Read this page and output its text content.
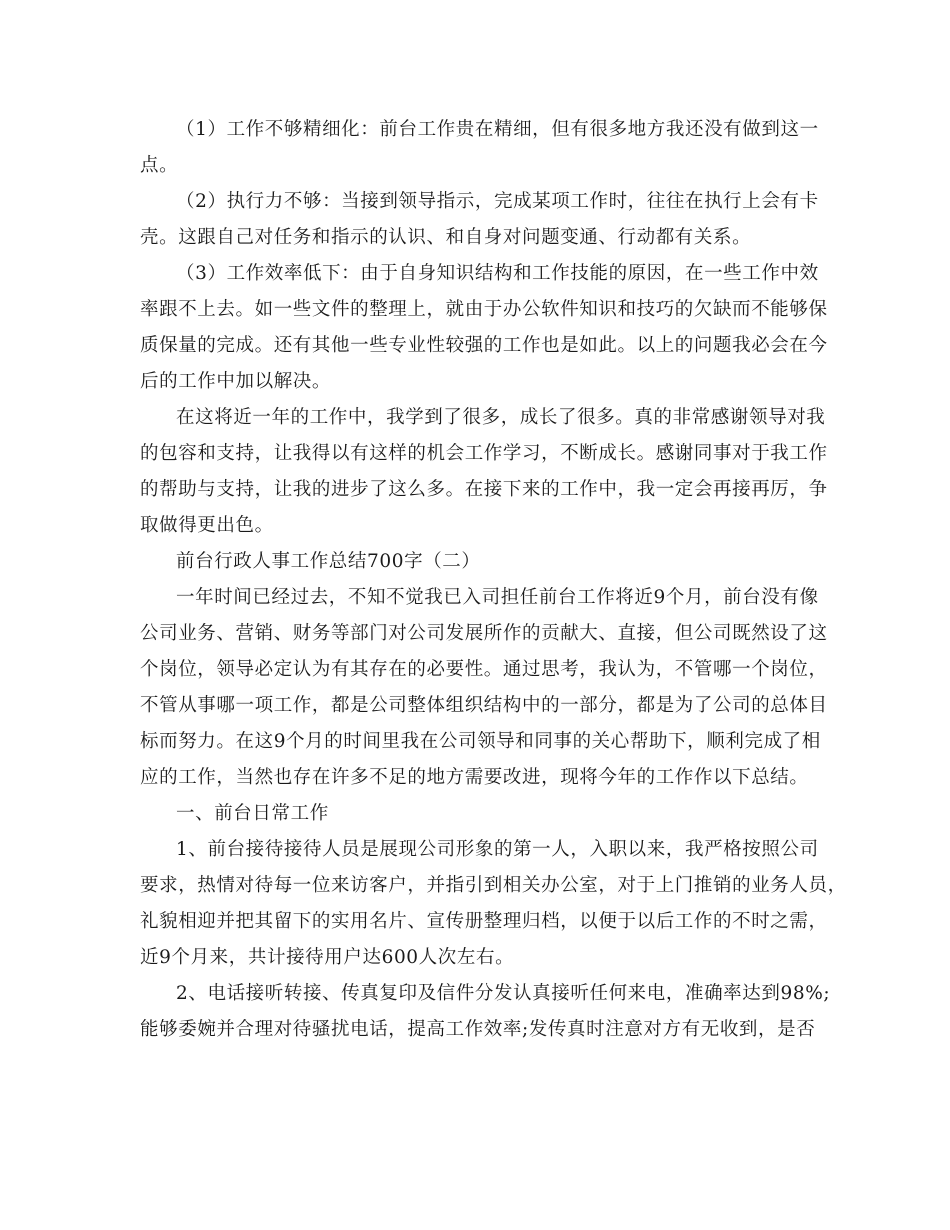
（1）工作不够精细化：前台工作贵在精细，但有很多地方我还没有做到这一
点。
（2）执行力不够：当接到领导指示，完成某项工作时，往往在执行上会有卡
壳。这跟自己对任务和指示的认识、和自身对问题变通、行动都有关系。
（3）工作效率低下：由于自身知识结构和工作技能的原因，在一些工作中效
率跟不上去。如一些文件的整理上，就由于办公软件知识和技巧的欠缺而不能够保
质保量的完成。还有其他一些专业性较强的工作也是如此。以上的问题我必会在今
后的工作中加以解决。
在这将近一年的工作中，我学到了很多，成长了很多。真的非常感谢领导对我
的包容和支持，让我得以有这样的机会工作学习，不断成长。感谢同事对于我工作
的帮助与支持，让我的进步了这么多。在接下来的工作中，我一定会再接再厉，争
取做得更出色。
前台行政人事工作总结700字（二）
一年时间已经过去，不知不觉我已入司担任前台工作将近9个月，前台没有像
公司业务、营销、财务等部门对公司发展所作的贡献大、直接，但公司既然设了这
个岗位，领导必定认为有其存在的必要性。通过思考，我认为，不管哪一个岗位，
不管从事哪一项工作，都是公司整体组织结构中的一部分，都是为了公司的总体目
标而努力。在这9个月的时间里我在公司领导和同事的关心帮助下，顺利完成了相
应的工作，当然也存在许多不足的地方需要改进，现将今年的工作作以下总结。
一、前台日常工作
1、前台接待接待人员是展现公司形象的第一人，入职以来，我严格按照公司
要求，热情对待每一位来访客户，并指引到相关办公室，对于上门推销的业务人员，
礼貌相迎并把其留下的实用名片、宣传册整理归档，以便于以后工作的不时之需，
近9个月来，共计接待用户达600人次左右。
2、电话接听转接、传真复印及信件分发认真接听任何来电，准确率达到98%;
能够委婉并合理对待骚扰电话，提高工作效率;发传真时注意对方有无收到，是否
